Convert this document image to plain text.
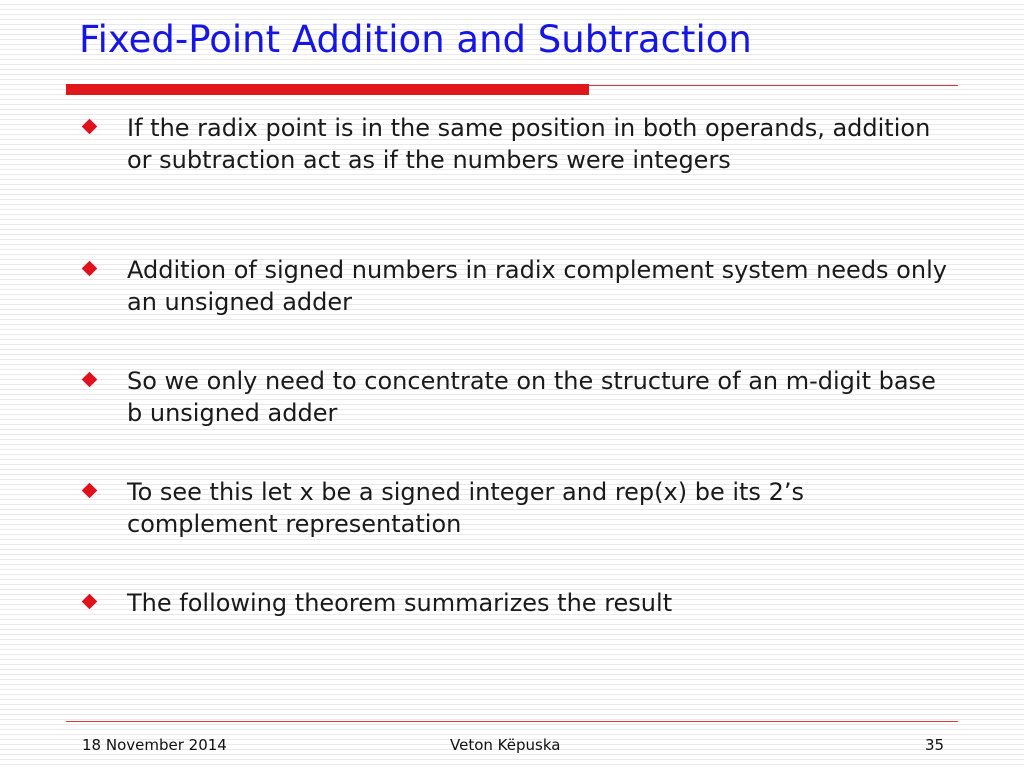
Fixed-Point Addition and Subtraction
If the radix point is in the same position in both operands, addition or subtraction act as if the numbers were integers
Addition of signed numbers in radix complement system needs only an unsigned adder
So we only need to concentrate on the structure of an m-digit base b unsigned adder
To see this let x be a signed integer and rep(x) be its 2’s complement representation
The following theorem summarizes the result
18 November 2014	Veton Këpuska	35
